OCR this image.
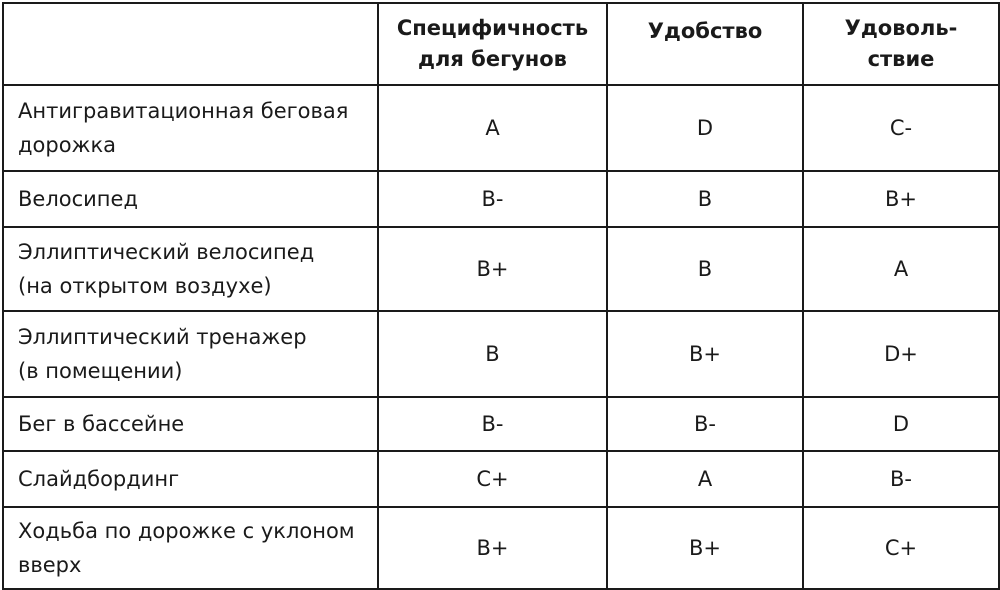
	Специфичность
для бегунов	Удобство	Удоволь-
ствие
Антигравитационная беговая
дорожка	A	D	C-
Велосипед	B-	B	B+
Эллиптический велосипед
(на открытом воздухе)	B+	B	A
Эллиптический тренажер
(в помещении)	B	B+	D+
Бег в бассейне	B-	B-	D
Слайдбординг	C+	A	B-
Ходьба по дорожке с уклоном
вверх	B+	B+	C+
